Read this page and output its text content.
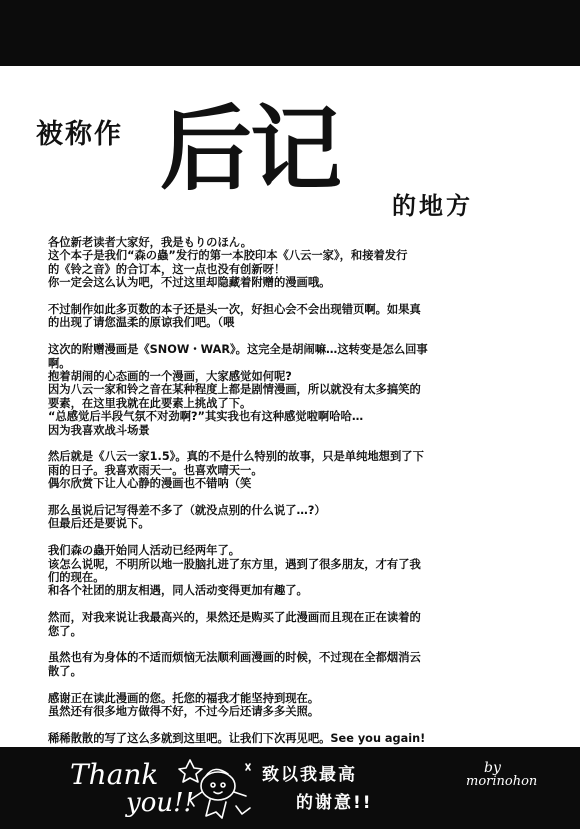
被称作 后记
的地方
各位新老读者大家好，我是もりのほん。
这个本子是我们“森の蟲”发行的第一本胶印本《八云一家》，和接着发行
的《铃之音》的合订本，这一点也没有创新呀！
你一定会这么认为吧，不过这里却隐藏着附赠的漫画哦。
不过制作如此多页数的本子还是头一次，好担心会不会出现错页啊。如果真
的出现了请您温柔的原谅我们吧。（喂
这次的附赠漫画是《SNOW・WAR》。这完全是胡闹嘛…这转变是怎么回事
啊。
抱着胡闹的心态画的一个漫画，大家感觉如何呢?
因为八云一家和铃之音在某种程度上都是剧情漫画，所以就没有太多搞笑的
要素，在这里我就在此要素上挑战了下。
“总感觉后半段气氛不对劲啊?”其实我也有这种感觉啦啊哈哈…
因为我喜欢战斗场景
然后就是《八云一家1.5》。真的不是什么特别的故事，只是单纯地想到了下
雨的日子。我喜欢雨天一。也喜欢晴天一。
偶尔欣赏下让人心静的漫画也不错呐（笑
那么虽说后记写得差不多了（就没点别的什么说了…?）
但最后还是要说下。
我们森の蟲开始同人活动已经两年了。
该怎么说呢，不明所以地一股脑扎进了东方里，遇到了很多朋友，才有了我
们的现在。
和各个社团的朋友相遇，同人活动变得更加有趣了。
然而，对我来说让我最高兴的，果然还是购买了此漫画而且现在正在读着的
您了。
虽然也有为身体的不适而烦恼无法顺利画漫画的时候，不过现在全都烟消云
散了。
感谢正在读此漫画的您。托您的福我才能坚持到现在。
虽然还有很多地方做得不好，不过今后还请多多关照。
稀稀散散的写了这么多就到这里吧。让我们下次再见吧。See you again!
Thank
you!!
致以我最高
的谢意!!
by
morinohon
